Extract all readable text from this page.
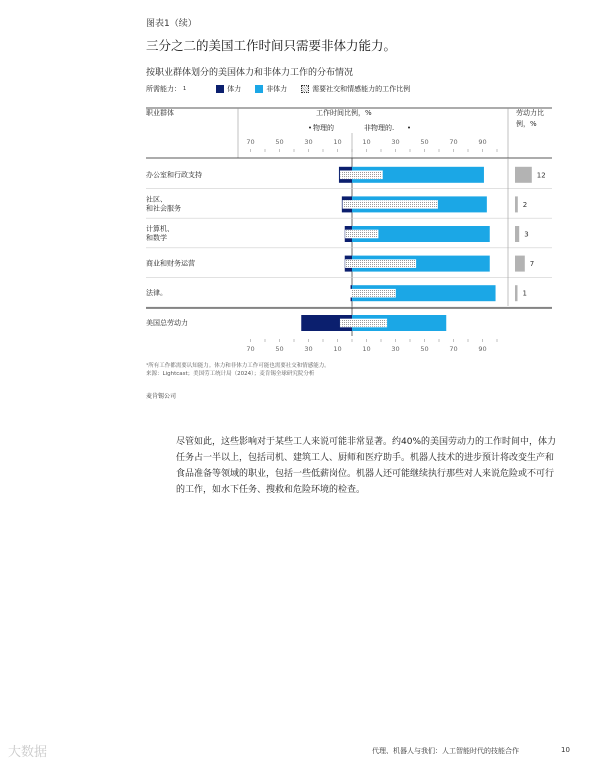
图表1（续）
三分之二的美国工作时间只需要非体力能力。
按职业群体划分的美国体力和非体力工作的分布情况
所需能力： 1	体力	非体力	需要社交和情感能力的工作比例
职业群体	工作时间比例，%
物理的	非物理的.
劳动力比
例，%
70	50	30	10	10	30	50	70	90
70	50	30	10	10	30	50	70	90
办公室和行政支持	12
社区、
和社会服务	2
计算机、
和数学	3
商业和财务运营	7
法律。	1
美国总劳动力
¹所有工作都需要认知能力。体力和非体力工作可能也需要社交和情感能力。
来源：Lightcast；美国劳工统计局（2024）；麦肯锡全球研究院分析
麦肯锡公司
尽管如此，这些影响对于某些工人来说可能非常显著。约40%的美国劳动力的工作时间中，体力任务占一半以上，包括司机、建筑工人、厨师和医疗助手。机器人技术的进步预计将改变生产和食品准备等领域的职业，包括一些低薪岗位。机器人还可能继续执行那些对人来说危险或不可行的工作，如水下任务、搜救和危险环境的检查。
大数据	代理、机器人与我们：人工智能时代的技能合作	10
